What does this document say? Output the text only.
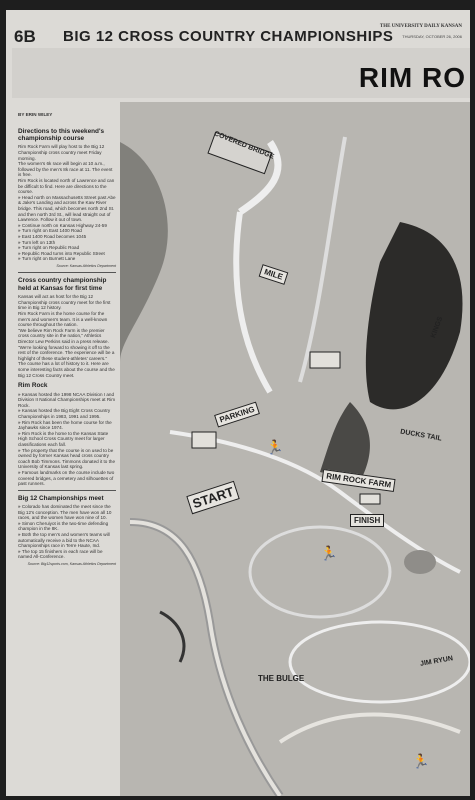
6B BIG 12 CROSS COUNTRY CHAMPIONSHIPS
THE UNIVERSITY DAILY KANSAN
THURSDAY, OCTOBER 26, 2006
RIM RO
BY ERIN WILEY
Directions to this weekend's championship course

Rim Rock Farm will play host to the Big 12 Championship cross country meet Friday morning.

The women's 6k race will begin at 10 a.m., followed by the men's 8k race at 11. The event is free.

Rim Rock is located north of Lawrence and can be difficult to find. Here are directions to the course.

» Head north on Massachusetts Street past Abe & Jake's Landing and across the Kaw River bridge. This road, which becomes north 2nd St. and then north 3rd St., will lead straight out of Lawrence. Follow it out of town.

» Continue north on Kansas Highway 24-59

» Turn right on East 1400 Road

» East 1400 Road becomes 1045

» Turn left on 13th

» Turn right on Republic Road

» Republic Road turns into Republic Street

» Turn right on Burnett Lane

Source: Kansas Athletics Department
Cross country championship held at Kansas for first time

Kansas will act as host for the Big 12 Championship cross country meet for the first time in Big 12 history.

Rim Rock Farm is the home course for the men's and women's team. It is a well-known course throughout the nation.

"We believe Rim Rock Farm is the premier cross country site in the nation," Athletics Director Lew Perkins said in a press release. "We're looking forward to showing it off to the rest of the conference. The experience will be a highlight of these student-athletes' careers."

The course has a lot of history to it. Here are some interesting facts about the course and the Big 12 Cross Country meet.

Rim Rock

» Kansas hosted the 1998 NCAA Division I and Division II National Championships meet at Rim Rock.

» Kansas hosted the Big Eight Cross Country Championships in 1983, 1991 and 1995.

» Rim Rock has been the home course for the Jayhawks since 1974.

» Rim Rock is the home to the Kansas State High School Cross Country meet for larger classifications each fall.

» The property that the course is on used to be owned by former Kansas head cross country coach Bob Timmons. Timmons donated it to the University of Kansas last spring.

» Famous landmarks on the course include two covered bridges, a cemetery and silhouettes of past runners.

Big 12 Championships meet

» Colorado has dominated the meet since the Big 12's conception. The men have won all 10 races, and the women have won nine of 10.

» Simon Cheruiyot is the two-time defending champion in the 8K.

» Both the top men's and women's teams will automatically receive a bid to the NCAA Championships race in Terre Haute, Ind.

» The top 15 finishers in each race will be named All-Conference.

Source: Big12sports.com, Kansas Athletics Department
COVERED BRIDGE
MILE
PARKING
START
RIM ROCK FARM
FINISH
DUCKS TAIL
KINGS
THE BULGE
JIM RYUN
🏃
🏃
🏃
